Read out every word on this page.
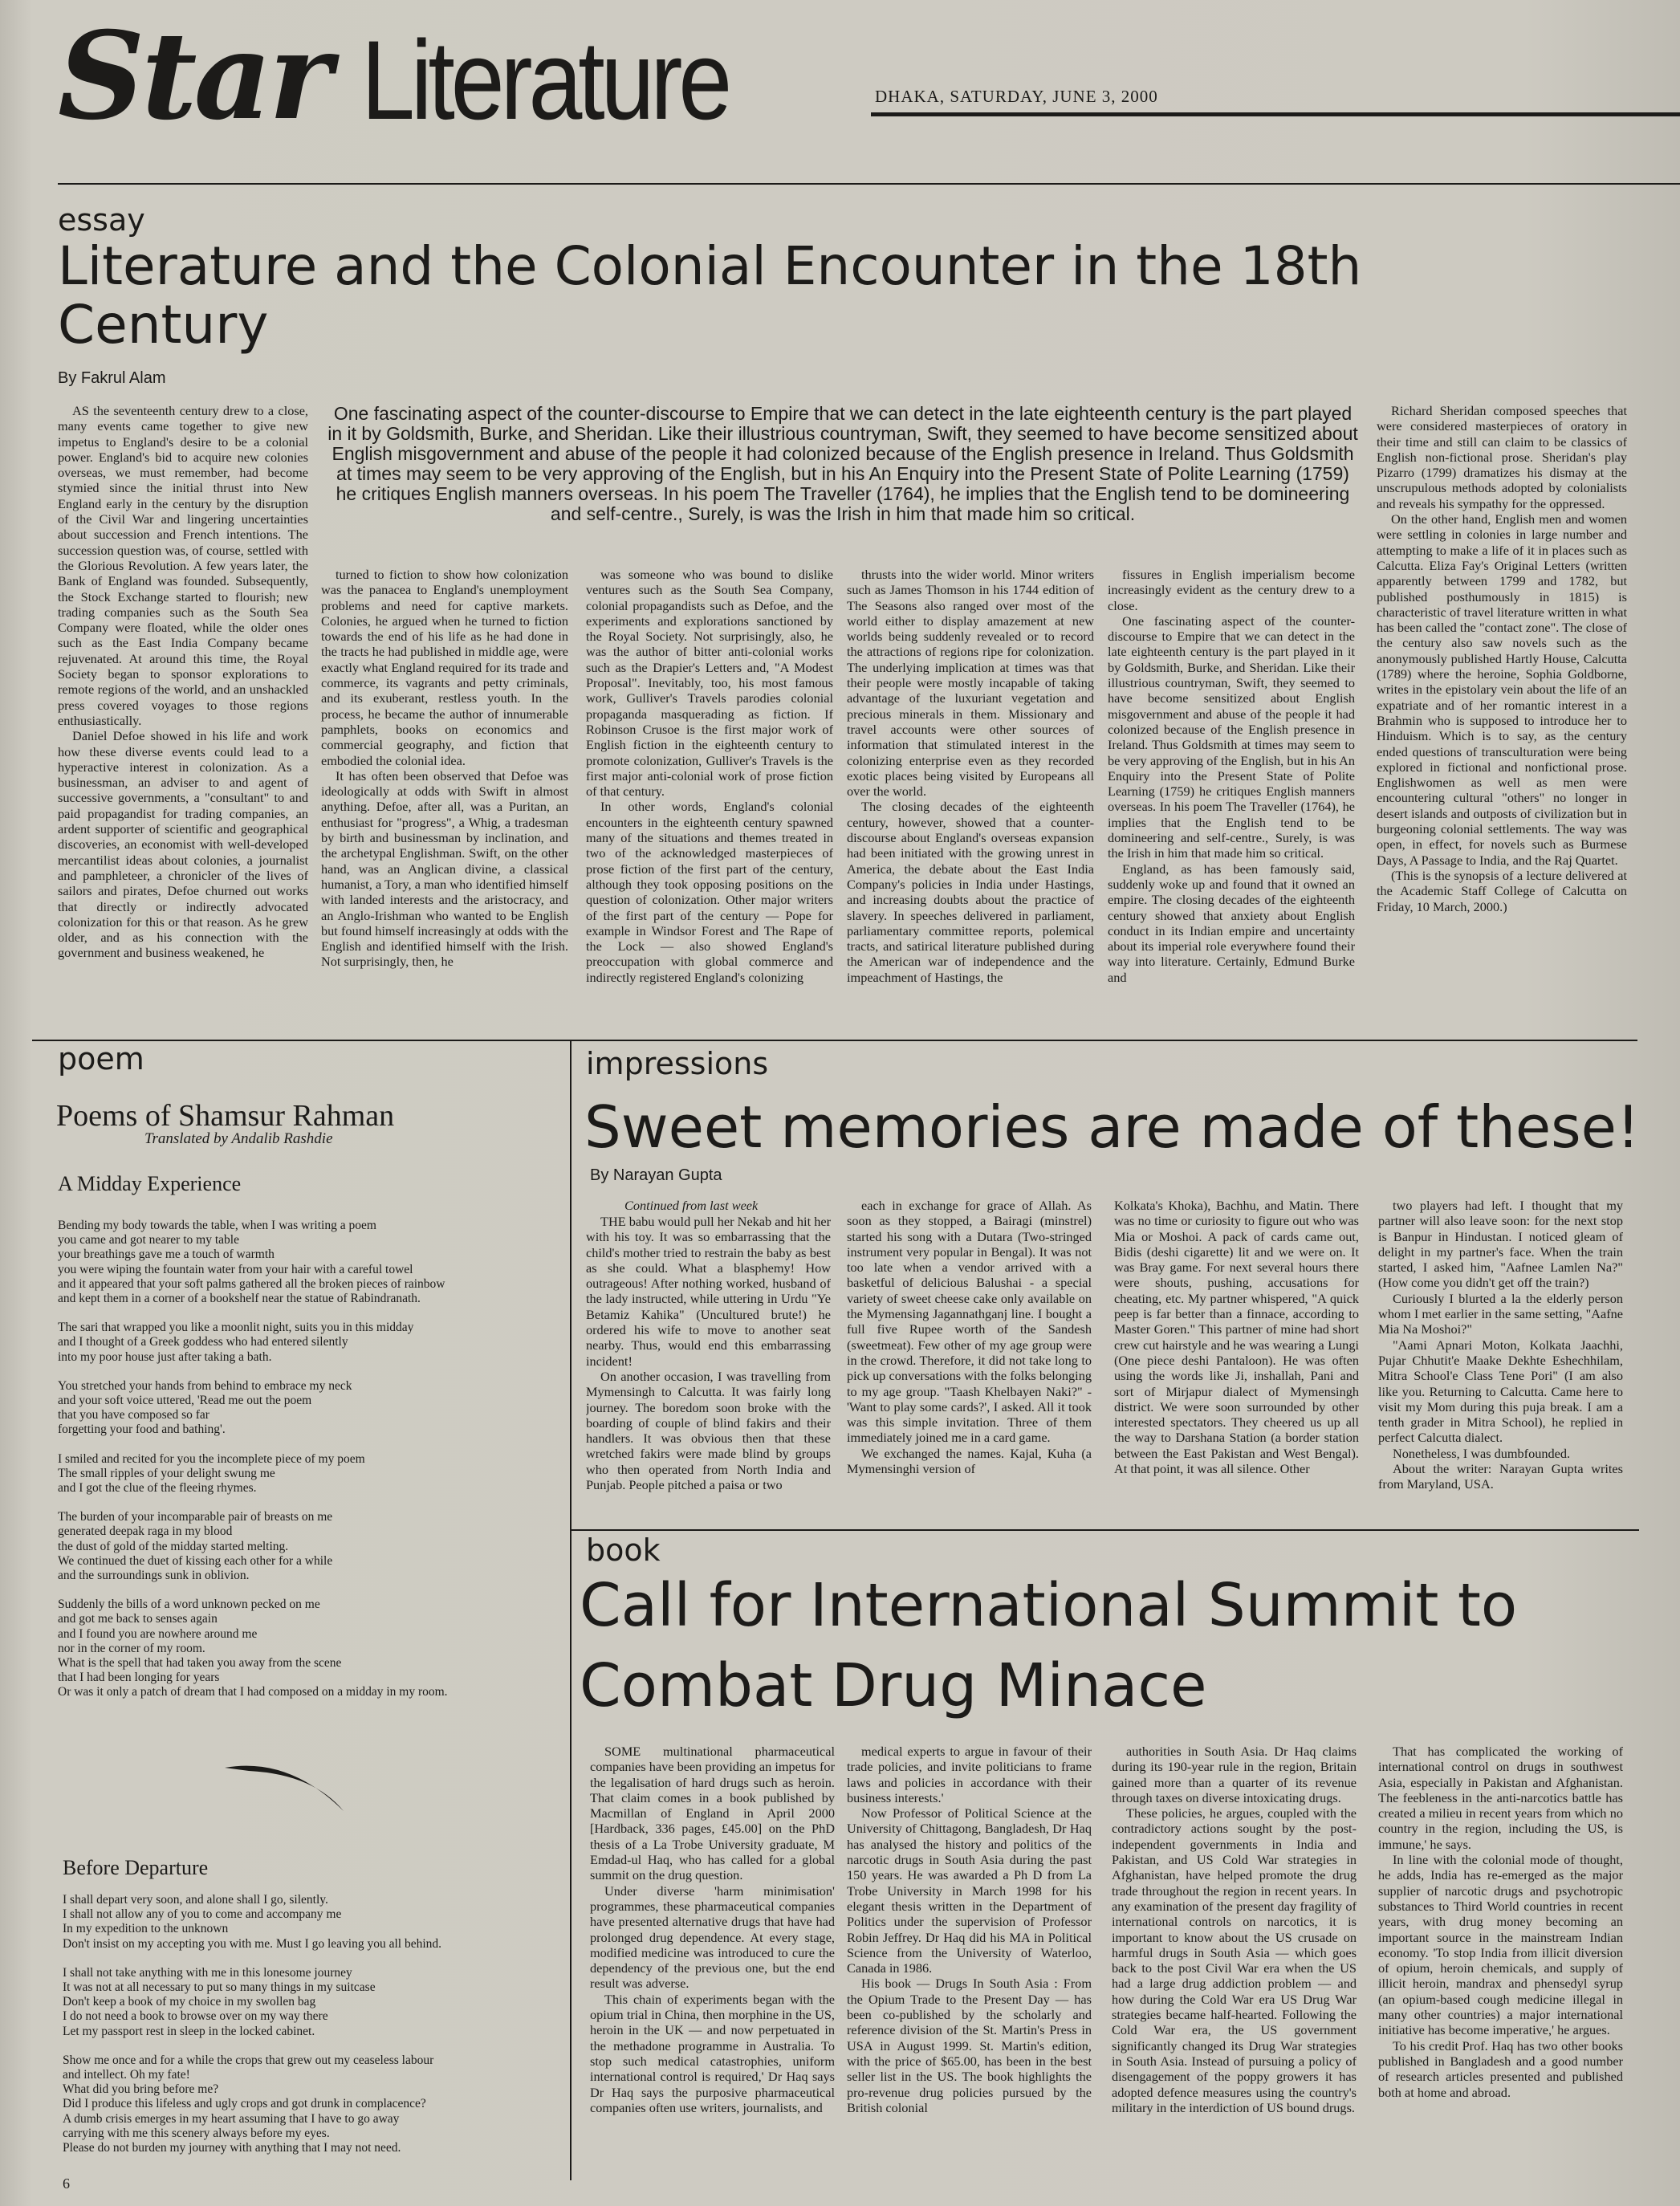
Star Literature	DHAKA, SATURDAY, JUNE 3, 2000
essay
Literature and the Colonial Encounter in the 18th Century
By Fakrul Alam
One fascinating aspect of the counter-discourse to Empire that we can detect in the late eighteenth century is the part played in it by Goldsmith, Burke, and Sheridan. Like their illustrious countryman, Swift, they seemed to have become sensitized about English misgovernment and abuse of the people it had colonized because of the English presence in Ireland. Thus Goldsmith at times may seem to be very approving of the English, but in his An Enquiry into the Present State of Polite Learning (1759) he critiques English manners overseas. In his poem The Traveller (1764), he implies that the English tend to be domineering and self-centre., Surely, is was the Irish in him that made him so critical.

AS the seventeenth century drew to a close, many events came together to give new impetus to England's desire to be a colonial power. England's bid to acquire new colonies overseas, we must remember, had become stymied since the initial thrust into New England early in the century by the disruption of the Civil War and lingering uncertainties about succession and French intentions. The succession question was, of course, settled with the Glorious Revolution. A few years later, the Bank of England was founded. Subsequently, the Stock Exchange started to flourish; new trading companies such as the South Sea Company were floated, while the older ones such as the East India Company became rejuvenated. At around this time, the Royal Society began to sponsor explorations to remote regions of the world, and an unshackled press covered voyages to those regions enthusiastically.

Daniel Defoe showed in his life and work how these diverse events could lead to a hyperactive interest in colonization. As a businessman, an adviser to and agent of successive governments, a "consultant" to and paid propagandist for trading companies, an ardent supporter of scientific and geographical discoveries, an economist with well-developed mercantilist ideas about colonies, a journalist and pamphleteer, a chronicler of the lives of sailors and pirates, Defoe churned out works that directly or indirectly advocated colonization for this or that reason. As he grew older, and as his connection with the government and business weakened, he

turned to fiction to show how colonization was the panacea to England's unemployment problems and need for captive markets. Colonies, he argued when he turned to fiction towards the end of his life as he had done in the tracts he had published in middle age, were exactly what England required for its trade and commerce, its vagrants and petty criminals, and its exuberant, restless youth. In the process, he became the author of innumerable pamphlets, books on economics and commercial geography, and fiction that embodied the colonial idea.

It has often been observed that Defoe was ideologically at odds with Swift in almost anything. Defoe, after all, was a Puritan, an enthusiast for "progress", a Whig, a tradesman by birth and businessman by inclination, and the archetypal Englishman. Swift, on the other hand, was an Anglican divine, a classical humanist, a Tory, a man who identified himself with landed interests and the aristocracy, and an Anglo-Irishman who wanted to be English but found himself increasingly at odds with the English and identified himself with the Irish. Not surprisingly, then, he

was someone who was bound to dislike ventures such as the South Sea Company, colonial propagandists such as Defoe, and the experiments and explorations sanctioned by the Royal Society. Not surprisingly, also, he was the author of bitter anti-colonial works such as the Drapier's Letters and, "A Modest Proposal". Inevitably, too, his most famous work, Gulliver's Travels parodies colonial propaganda masquerading as fiction. If Robinson Crusoe is the first major work of English fiction in the eighteenth century to promote colonization, Gulliver's Travels is the first major anti-colonial work of prose fiction of that century.

In other words, England's colonial encounters in the eighteenth century spawned many of the situations and themes treated in two of the acknowledged masterpieces of prose fiction of the first part of the century, although they took opposing positions on the question of colonization. Other major writers of the first part of the century — Pope for example in Windsor Forest and The Rape of the Lock — also showed England's preoccupation with global commerce and indirectly registered England's colonizing

thrusts into the wider world. Minor writers such as James Thomson in his 1744 edition of The Seasons also ranged over most of the world either to display amazement at new worlds being suddenly revealed or to record the attractions of regions ripe for colonization. The underlying implication at times was that their people were mostly incapable of taking advantage of the luxuriant vegetation and precious minerals in them. Missionary and travel accounts were other sources of information that stimulated interest in the colonizing enterprise even as they recorded exotic places being visited by Europeans all over the world.

The closing decades of the eighteenth century, however, showed that a counter-discourse about England's overseas expansion had been initiated with the growing unrest in America, the debate about the East India Company's policies in India under Hastings, and increasing doubts about the practice of slavery. In speeches delivered in parliament, parliamentary committee reports, polemical tracts, and satirical literature published during the American war of independence and the impeachment of Hastings, the

fissures in English imperialism become increasingly evident as the century drew to a close.

One fascinating aspect of the counter-discourse to Empire that we can detect in the late eighteenth century is the part played in it by Goldsmith, Burke, and Sheridan. Like their illustrious countryman, Swift, they seemed to have become sensitized about English misgovernment and abuse of the people it had colonized because of the English presence in Ireland. Thus Goldsmith at times may seem to be very approving of the English, but in his An Enquiry into the Present State of Polite Learning (1759) he critiques English manners overseas. In his poem The Traveller (1764), he implies that the English tend to be domineering and self-centre., Surely, is was the Irish in him that made him so critical.

England, as has been famously said, suddenly woke up and found that it owned an empire. The closing decades of the eighteenth century showed that anxiety about English conduct in its Indian empire and uncertainty about its imperial role everywhere found their way into literature. Certainly, Edmund Burke and

Richard Sheridan composed speeches that were considered masterpieces of oratory in their time and still can claim to be classics of English non-fictional prose. Sheridan's play Pizarro (1799) dramatizes his dismay at the unscrupulous methods adopted by colonialists and reveals his sympathy for the oppressed.

On the other hand, English men and women were settling in colonies in large number and attempting to make a life of it in places such as Calcutta. Eliza Fay's Original Letters (written apparently between 1799 and 1782, but published posthumously in 1815) is characteristic of travel literature written in what has been called the "contact zone". The close of the century also saw novels such as the anonymously published Hartly House, Calcutta (1789) where the heroine, Sophia Goldborne, writes in the epistolary vein about the life of an expatriate and of her romantic interest in a Brahmin who is supposed to introduce her to Hinduism. Which is to say, as the century ended questions of transculturation were being explored in fictional and nonfictional prose. Englishwomen as well as men were encountering cultural "others" no longer in desert islands and outposts of civilization but in burgeoning colonial settlements. The way was open, in effect, for novels such as Burmese Days, A Passage to India, and the Raj Quartet.

(This is the synopsis of a lecture delivered at the Academic Staff College of Calcutta on Friday, 10 March, 2000.)

poem
Poems of Shamsur Rahman
Translated by Andalib Rashdie
A Midday Experience
Bending my body towards the table, when I was writing a poem
you came and got nearer to my table
your breathings gave me a touch of warmth
you were wiping the fountain water from your hair with a careful towel
and it appeared that your soft palms gathered all the broken pieces of rainbow
and kept them in a corner of a bookshelf near the statue of Rabindranath.
The sari that wrapped you like a moonlit night, suits you in this midday
and I thought of a Greek goddess who had entered silently
into my poor house just after taking a bath.
You stretched your hands from behind to embrace my neck
and your soft voice uttered, 'Read me out the poem
that you have composed so far
forgetting your food and bathing'.
I smiled and recited for you the incomplete piece of my poem
The small ripples of your delight swung me
and I got the clue of the fleeing rhymes.
The burden of your incomparable pair of breasts on me
generated deepak raga in my blood
the dust of gold of the midday started melting.
We continued the duet of kissing each other for a while
and the surroundings sunk in oblivion.
Suddenly the bills of a word unknown pecked on me
and got me back to senses again
and I found you are nowhere around me
nor in the corner of my room.
What is the spell that had taken you away from the scene
that I had been longing for years
Or was it only a patch of dream that I had composed on a midday in my room.
Before Departure
I shall depart very soon, and alone shall I go, silently.
I shall not allow any of you to come and accompany me
In my expedition to the unknown
Don't insist on my accepting you with me. Must I go leaving you all behind.
I shall not take anything with me in this lonesome journey
It was not at all necessary to put so many things in my suitcase
Don't keep a book of my choice in my swollen bag
I do not need a book to browse over on my way there
Let my passport rest in sleep in the locked cabinet.
Show me once and for a while the crops that grew out my ceaseless labour
and intellect. Oh my fate!
What did you bring before me?
Did I produce this lifeless and ugly crops and got drunk in complacence?
A dumb crisis emerges in my heart assuming that I have to go away
carrying with me this scenery always before my eyes.
Please do not burden my journey with anything that I may not need.
6
impressions
Sweet memories are made of these!
By Narayan Gupta
Continued from last week

THE babu would pull her Nekab and hit her with his toy. It was so embarrassing that the child's mother tried to restrain the baby as best as she could. What a blasphemy! How outrageous! After nothing worked, husband of the lady instructed, while uttering in Urdu "Ye Betamiz Kahika" (Uncultured brute!) he ordered his wife to move to another seat nearby. Thus, would end this embarrassing incident!

On another occasion, I was travelling from Mymensingh to Calcutta. It was fairly long journey. The boredom soon broke with the boarding of couple of blind fakirs and their handlers. It was obvious then that these wretched fakirs were made blind by groups who then operated from North India and Punjab. People pitched a paisa or two

each in exchange for grace of Allah. As soon as they stopped, a Bairagi (minstrel) started his song with a Dutara (Two-stringed instrument very popular in Bengal). It was not too late when a vendor arrived with a basketful of delicious Balushai - a special variety of sweet cheese cake only available on the Mymensing Jagannathganj line. I bought a full five Rupee worth of the Sandesh (sweetmeat). Few other of my age group were in the crowd. Therefore, it did not take long to pick up conversations with the folks belonging to my age group. "Taash Khelbayen Naki?" - 'Want to play some cards?', I asked. All it took was this simple invitation. Three of them immediately joined me in a card game.

We exchanged the names. Kajal, Kuha (a Mymensinghi version of

Kolkata's Khoka), Bachhu, and Matin. There was no time or curiosity to figure out who was Mia or Moshoi. A pack of cards came out, Bidis (deshi cigarette) lit and we were on. It was Bray game. For next several hours there were shouts, pushing, accusations for cheating, etc. My partner whispered, "A quick peep is far better than a finnace, according to Master Goren." This partner of mine had short crew cut hairstyle and he was wearing a Lungi (One piece deshi Pantaloon). He was often using the words like Ji, inshallah, Pani and sort of Mirjapur dialect of Mymensingh district. We were soon surrounded by other interested spectators. They cheered us up all the way to Darshana Station (a border station between the East Pakistan and West Bengal). At that point, it was all silence. Other

two players had left. I thought that my partner will also leave soon: for the next stop is Banpur in Hindustan. I noticed gleam of delight in my partner's face. When the train started, I asked him, "Aafnee Lamlen Na?" (How come you didn't get off the train?)

Curiously I blurted a la the elderly person whom I met earlier in the same setting, "Aafne Mia Na Moshoi?"

"Aami Apnari Moton, Kolkata Jaachhi, Pujar Chhutit'e Maake Dekhte Eshechhilam, Mitra School'e Class Tene Pori" (I am also like you. Returning to Calcutta. Came here to visit my Mom during this puja break. I am a tenth grader in Mitra School), he replied in perfect Calcutta dialect.

Nonetheless, I was dumbfounded.

About the writer: Narayan Gupta writes from Maryland, USA.

book
Call for International Summit to
Combat Drug Minace

SOME multinational pharmaceutical companies have been providing an impetus for the legalisation of hard drugs such as heroin. That claim comes in a book published by Macmillan of England in April 2000 [Hardback, 336 pages, £45.00] on the PhD thesis of a La Trobe University graduate, M Emdad-ul Haq, who has called for a global summit on the drug question.

Under diverse 'harm minimisation' programmes, these pharmaceutical companies have presented alternative drugs that have had prolonged drug dependence. At every stage, modified medicine was introduced to cure the dependency of the previous one, but the end result was adverse.

This chain of experiments began with the opium trial in China, then morphine in the US, heroin in the UK — and now perpetuated in the methadone programme in Australia. To stop such medical catastrophies, uniform international control is required,' Dr Haq says Dr Haq says the purposive pharmaceutical companies often use writers, journalists, and

medical experts to argue in favour of their trade policies, and invite politicians to frame laws and policies in accordance with their business interests.'

Now Professor of Political Science at the University of Chittagong, Bangladesh, Dr Haq has analysed the history and politics of the narcotic drugs in South Asia during the past 150 years. He was awarded a Ph D from La Trobe University in March 1998 for his elegant thesis written in the Department of Politics under the supervision of Professor Robin Jeffrey. Dr Haq did his MA in Political Science from the University of Waterloo, Canada in 1986.

His book — Drugs In South Asia : From the Opium Trade to the Present Day — has been co-published by the scholarly and reference division of the St. Martin's Press in USA in August 1999. St. Martin's edition, with the price of $65.00, has been in the best seller list in the US. The book highlights the pro-revenue drug policies pursued by the British colonial

authorities in South Asia. Dr Haq claims during its 190-year rule in the region, Britain gained more than a quarter of its revenue through taxes on diverse intoxicating drugs.

These policies, he argues, coupled with the contradictory actions sought by the post-independent governments in India and Pakistan, and US Cold War strategies in Afghanistan, have helped promote the drug trade throughout the region in recent years. In any examination of the present day fragility of international controls on narcotics, it is important to know about the US crusade on harmful drugs in South Asia — which goes back to the post Civil War era when the US had a large drug addiction problem — and how during the Cold War era US Drug War strategies became half-hearted. Following the Cold War era, the US government significantly changed its Drug War strategies in South Asia. Instead of pursuing a policy of disengagement of the poppy growers it has adopted defence measures using the country's military in the interdiction of US bound drugs.

That has complicated the working of international control on drugs in southwest Asia, especially in Pakistan and Afghanistan. The feebleness in the anti-narcotics battle has created a milieu in recent years from which no country in the region, including the US, is immune,' he says.

In line with the colonial mode of thought, he adds, India has re-emerged as the major supplier of narcotic drugs and psychotropic substances to Third World countries in recent years, with drug money becoming an important source in the mainstream Indian economy. 'To stop India from illicit diversion of opium, heroin chemicals, and supply of illicit heroin, mandrax and phensedyl syrup (an opium-based cough medicine illegal in many other countries) a major international initiative has become imperative,' he argues.

To his credit Prof. Haq has two other books published in Bangladesh and a good number of research articles presented and published both at home and abroad.
